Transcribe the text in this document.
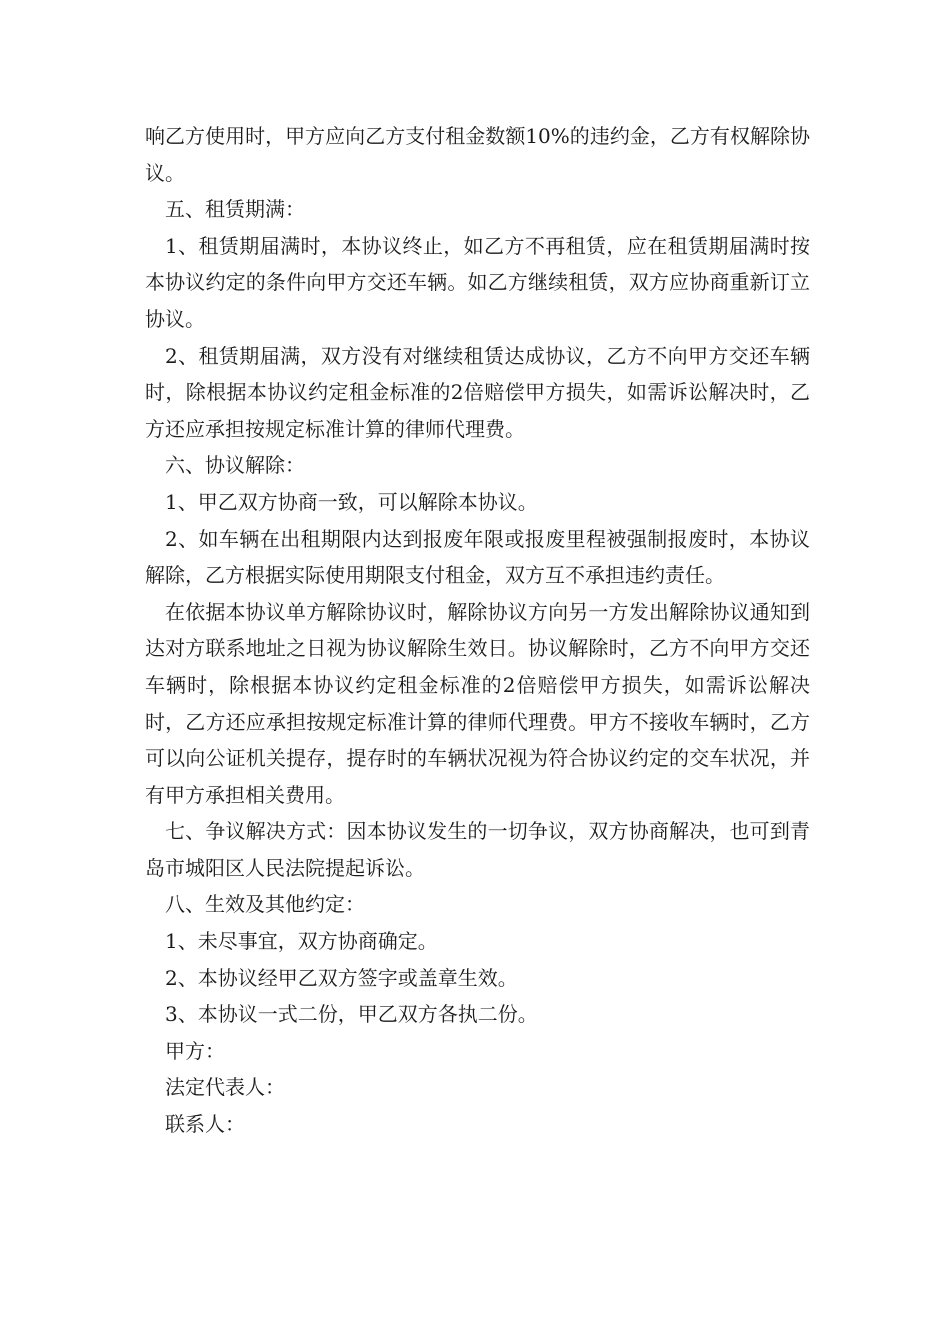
响乙方使用时，甲方应向乙方支付租金数额10%的违约金，乙方有权解除协议。

五、租赁期满：

1、租赁期届满时，本协议终止，如乙方不再租赁，应在租赁期届满时按本协议约定的条件向甲方交还车辆。如乙方继续租赁，双方应协商重新订立协议。

2、租赁期届满，双方没有对继续租赁达成协议，乙方不向甲方交还车辆时，除根据本协议约定租金标准的2倍赔偿甲方损失，如需诉讼解决时，乙方还应承担按规定标准计算的律师代理费。

六、协议解除：

1、甲乙双方协商一致，可以解除本协议。

2、如车辆在出租期限内达到报废年限或报废里程被强制报废时，本协议解除，乙方根据实际使用期限支付租金，双方互不承担违约责任。

在依据本协议单方解除协议时，解除协议方向另一方发出解除协议通知到达对方联系地址之日视为协议解除生效日。协议解除时，乙方不向甲方交还车辆时，除根据本协议约定租金标准的2倍赔偿甲方损失，如需诉讼解决时，乙方还应承担按规定标准计算的律师代理费。甲方不接收车辆时，乙方可以向公证机关提存，提存时的车辆状况视为符合协议约定的交车状况，并有甲方承担相关费用。

七、争议解决方式：因本协议发生的一切争议，双方协商解决，也可到青岛市城阳区人民法院提起诉讼。

八、生效及其他约定：

1、未尽事宜，双方协商确定。

2、本协议经甲乙双方签字或盖章生效。

3、本协议一式二份，甲乙双方各执二份。

甲方：

法定代表人：

联系人：
